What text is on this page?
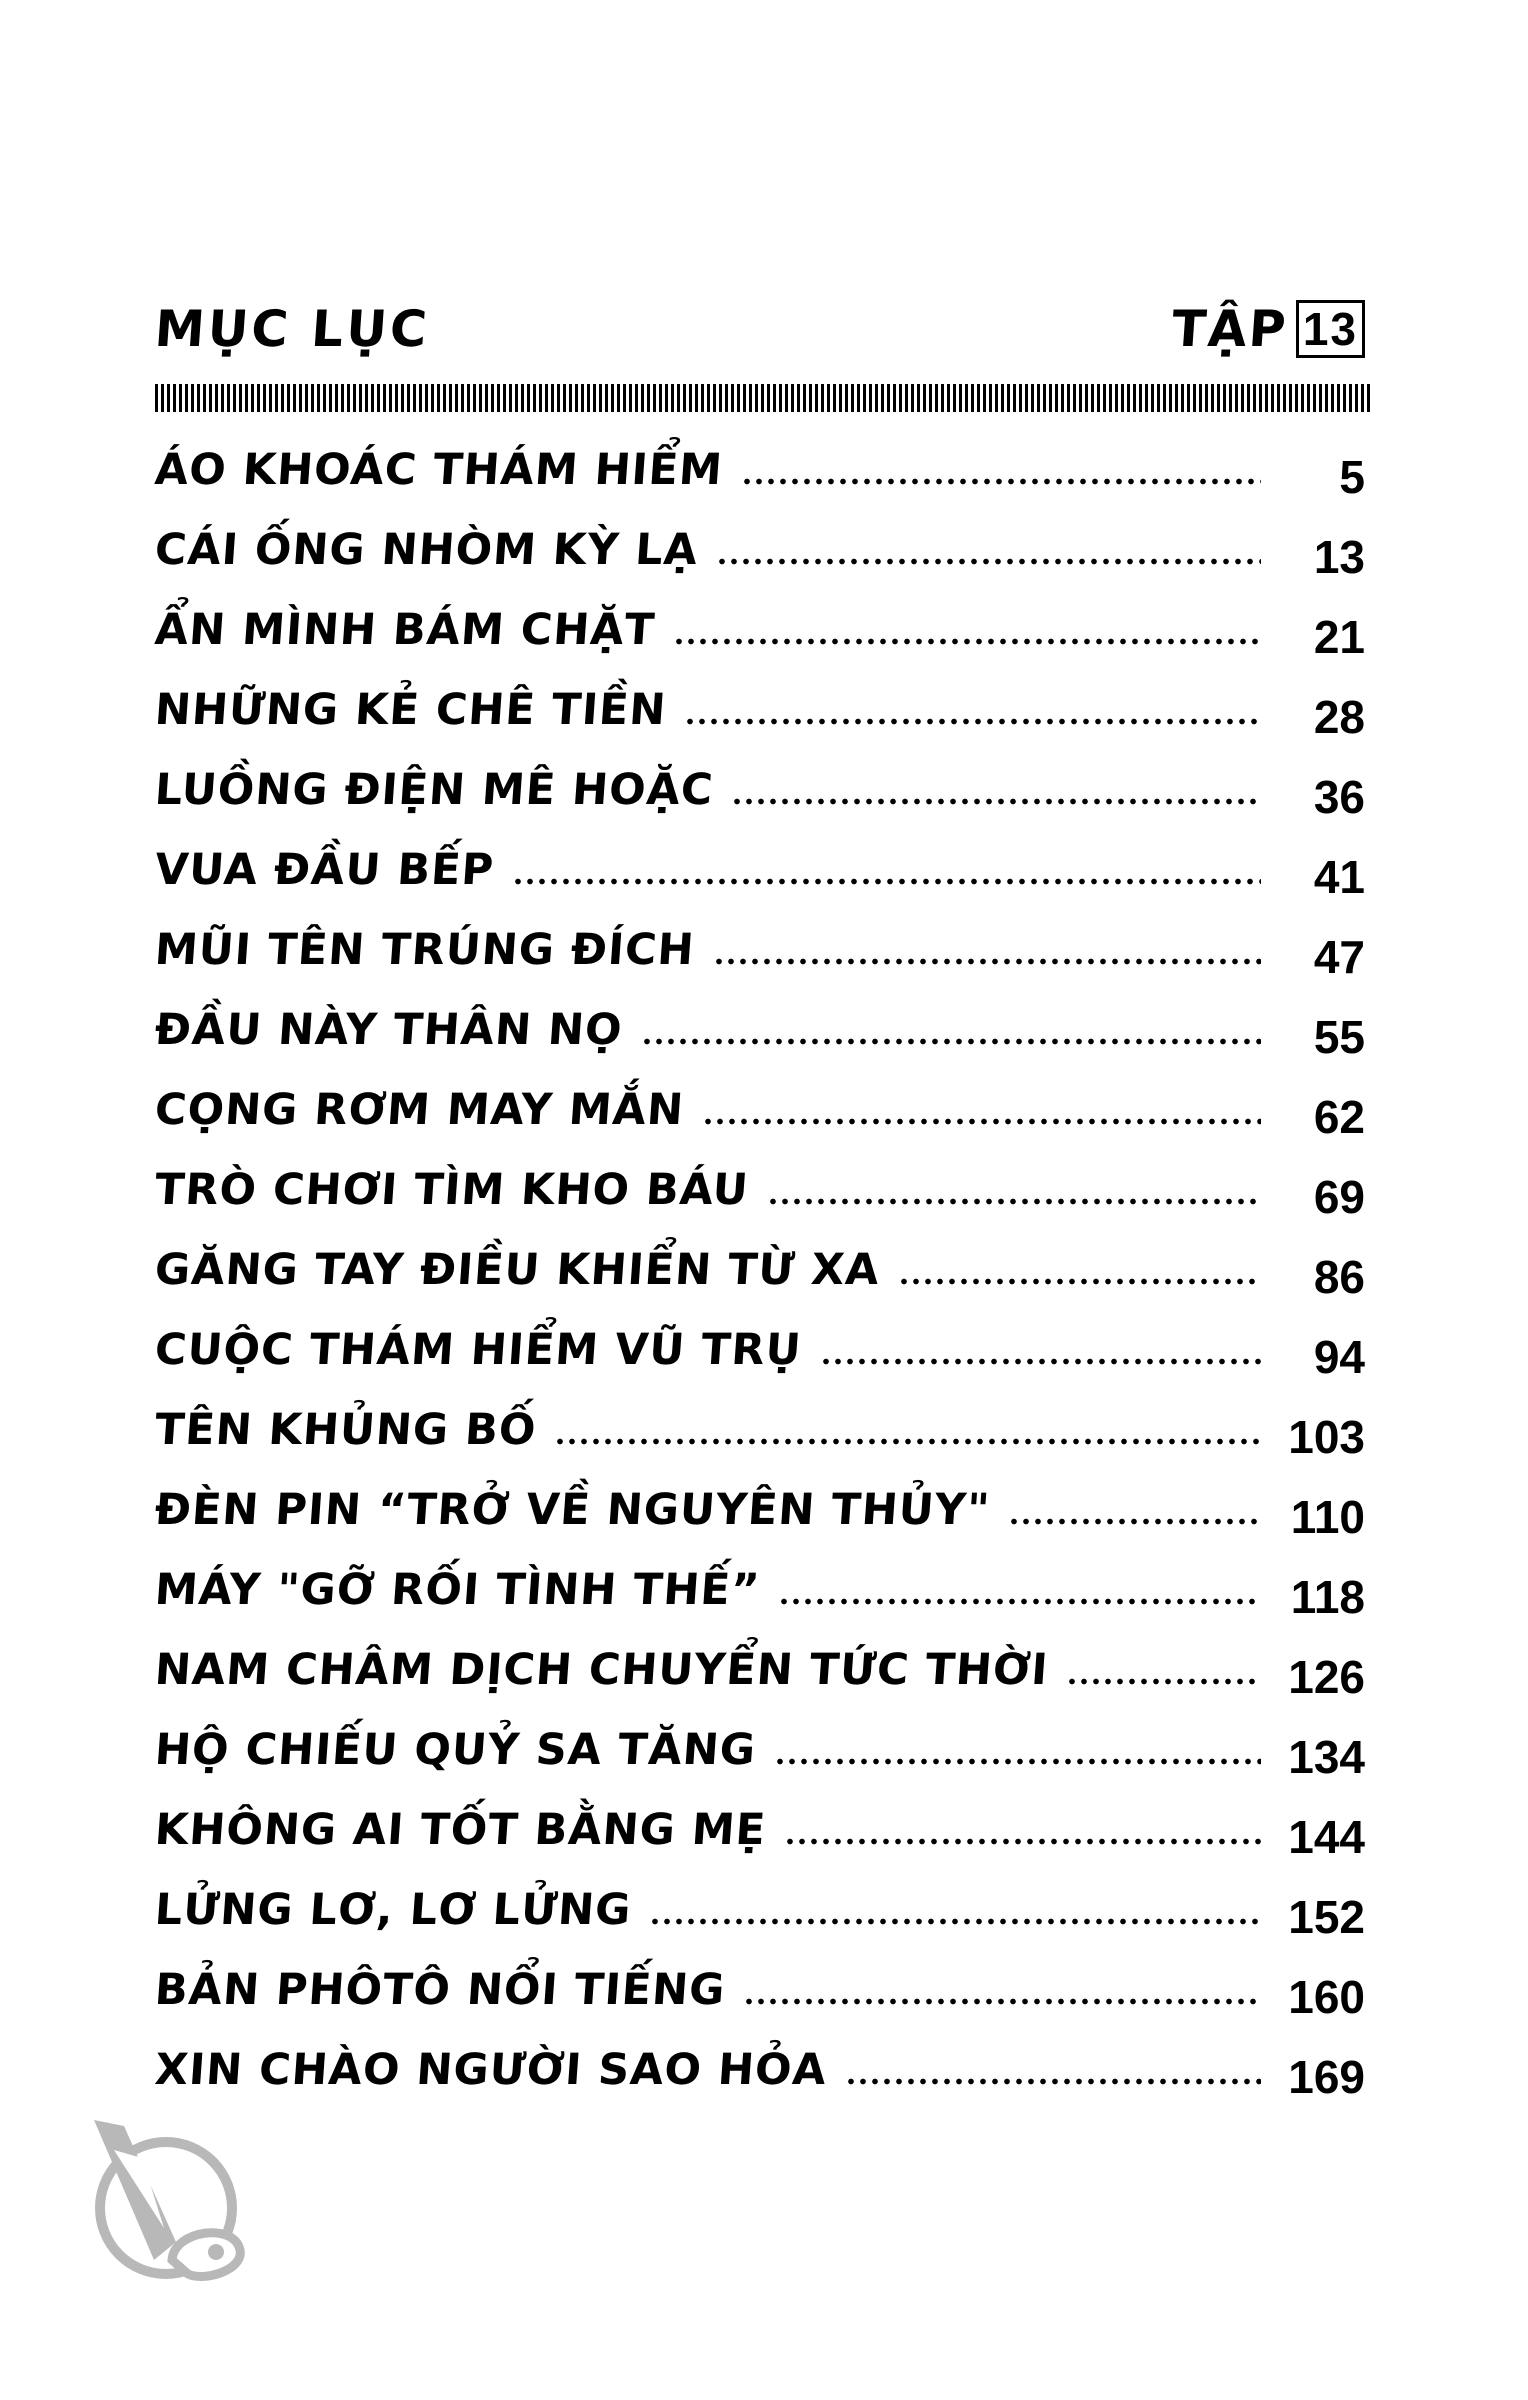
MỤC LỤC	TẬP 13
ÁO KHOÁC THÁM HIỂM	5
CÁI ỐNG NHÒM KỲ LẠ	13
ẨN MÌNH BÁM CHẶT	21
NHỮNG KẺ CHÊ TIỀN	28
LUỒNG ĐIỆN MÊ HOẶC	36
VUA ĐẦU BẾP	41
MŨI TÊN TRÚNG ĐÍCH	47
ĐẦU NÀY THÂN NỌ	55
CỌNG RƠM MAY MẮN	62
TRÒ CHƠI TÌM KHO BÁU	69
GĂNG TAY ĐIỀU KHIỂN TỪ XA	86
CUỘC THÁM HIỂM VŨ TRỤ	94
TÊN KHỦNG BỐ	103
ĐÈN PIN “TRỞ VỀ NGUYÊN THỦY"	110
MÁY "GỠ RỐI TÌNH THẾ”	118
NAM CHÂM DỊCH CHUYỂN TỨC THỜI	126
HỘ CHIẾU QUỶ SA TĂNG	134
KHÔNG AI TỐT BẰNG MẸ	144
LỬNG LƠ, LƠ LỬNG	152
BẢN PHÔTÔ NỔI TIẾNG	160
XIN CHÀO NGƯỜI SAO HỎA	169
